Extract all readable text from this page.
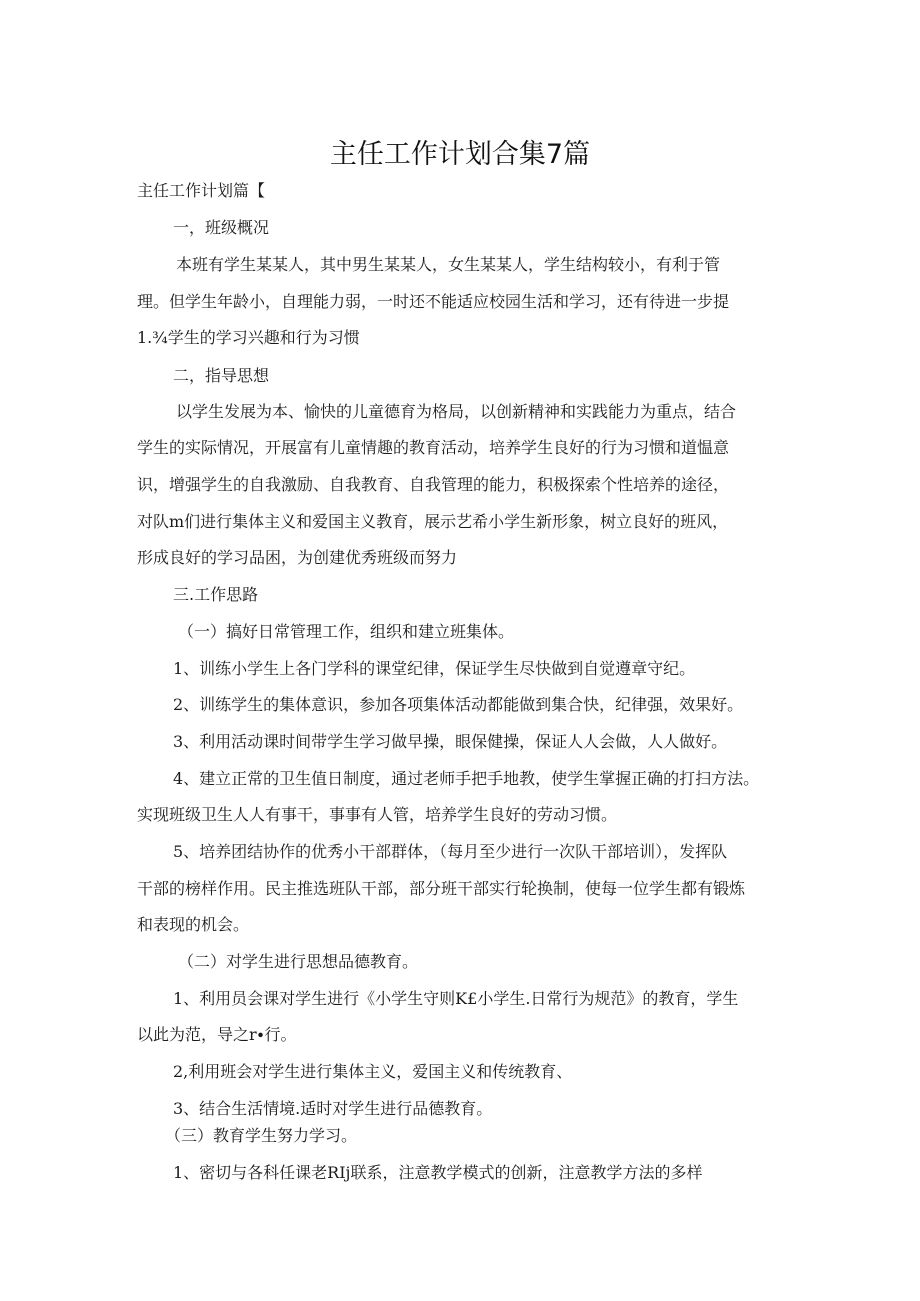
主任工作计划合集7篇
主任工作计划篇【
一，班级概况
本班有学生某某人，其中男生某某人，女生某某人，学生结构较小，有利于管
理。但学生年龄小，自理能力弱，一时还不能适应校园生活和学习，还有待进一步提
1.¾学生的学习兴趣和行为习惯
二，指导思想
以学生发展为本、愉快的儿童德育为格局，以创新精神和实践能力为重点，结合
学生的实际情况，开展富有儿童情趣的教育活动，培养学生良好的行为习惯和道愠意
识，增强学生的自我激励、自我教育、自我管理的能力，积极探索个性培养的途径，
对队m们进行集体主义和爱国主义教育，展示艺希小学生新形象，树立良好的班风，
形成良好的学习品困，为创建优秀班级而努力
三.工作思路
（一）搞好日常管理工作，组织和建立班集体。
1、训练小学生上各门学科的课堂纪律，保证学生尽快做到自觉遵章守纪。
2、训练学生的集体意识，参加各项集体活动都能做到集合快，纪律强，效果好。
3、利用活动课时间带学生学习做早操，眼保健操，保证人人会做，人人做好。
4、建立正常的卫生值日制度，通过老师手把手地教，使学生掌握正确的打扫方法。
实现班级卫生人人有事干，事事有人管，培养学生良好的劳动习惯。
5、培养团结协作的优秀小干部群体，（每月至少进行一次队干部培训），发挥队
干部的榜样作用。民主推选班队干部，部分班干部实行轮换制，使每一位学生都有锻炼
和表现的机会。
（二）对学生进行思想品德教育。
1、利用员会课对学生进行《小学生守则K£小学生.日常行为规范》的教育，学生
以此为范，导之r∙行。
2,利用班会对学生进行集体主义，爱国主义和传统教育、
3、结合生活情境.适时对学生进行品德教育。
（三）教育学生努力学习。
1、密切与各科任课老RIj联系，注意教学模式的创新，注意教学方法的多样
